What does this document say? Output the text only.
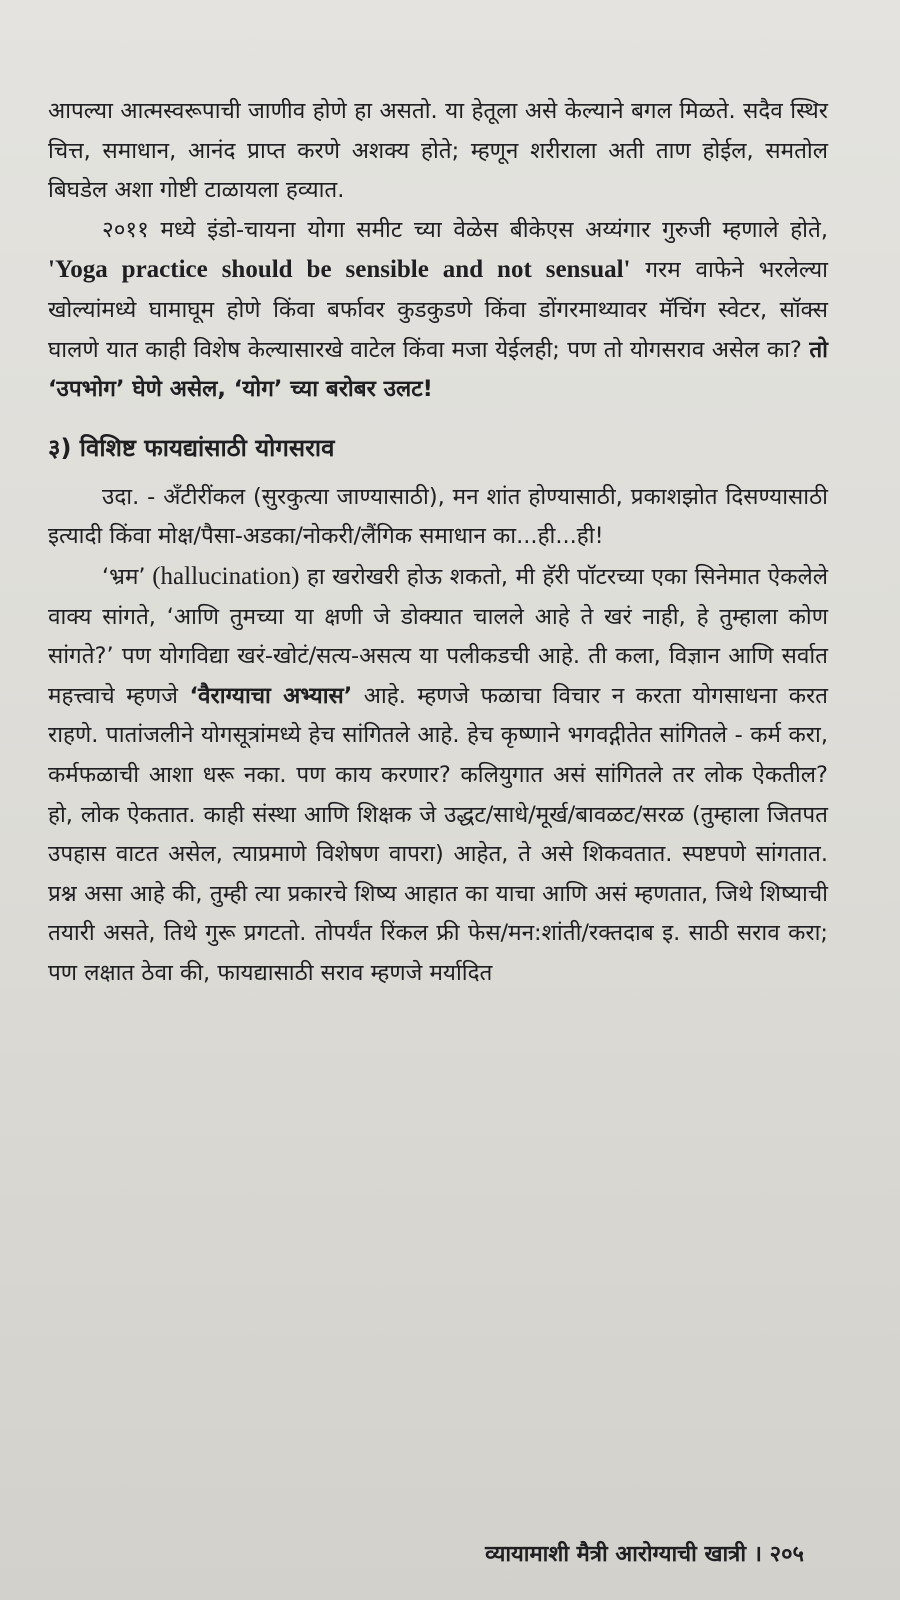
आपल्या आत्मस्वरूपाची जाणीव होणे हा असतो. या हेतूला असे केल्याने बगल मिळते. सदैव स्थिर चित्त, समाधान, आनंद प्राप्त करणे अशक्य होते; म्हणून शरीराला अती ताण होईल, समतोल बिघडेल अशा गोष्टी टाळायला हव्यात.

२०११ मध्ये इंडो-चायना योगा समीट च्या वेळेस बीकेएस अय्यंगार गुरुजी म्हणाले होते, 'Yoga practice should be sensible and not sensual' गरम वाफेने भरलेल्या खोल्यांमध्ये घामाघूम होणे किंवा बर्फावर कुडकुडणे किंवा डोंगरमाथ्यावर मॅचिंग स्वेटर, सॉक्स घालणे यात काही विशेष केल्यासारखे वाटेल किंवा मजा येईलही; पण तो योगसराव असेल का? तो ‘उपभोग’ घेणे असेल, ‘योग’ च्या बरोबर उलट!

३) विशिष्ट फायद्यांसाठी योगसराव

उदा. - अँटीरींकल (सुरकुत्या जाण्यासाठी), मन शांत होण्यासाठी, प्रकाशझोत दिसण्यासाठी इत्यादी किंवा मोक्ष/पैसा-अडका/नोकरी/लैंगिक समाधान का...ही...ही!

‘भ्रम’ (hallucination) हा खरोखरी होऊ शकतो, मी हॅरी पॉटरच्या एका सिनेमात ऐकलेले वाक्य सांगते, ‘आणि तुमच्या या क्षणी जे डोक्यात चालले आहे ते खरं नाही, हे तुम्हाला कोण सांगते?’ पण योगविद्या खरं-खोटं/सत्य-असत्य या पलीकडची आहे. ती कला, विज्ञान आणि सर्वात महत्त्वाचे म्हणजे ‘वैराग्याचा अभ्यास’ आहे. म्हणजे फळाचा विचार न करता योगसाधना करत राहणे. पातांजलीने योगसूत्रांमध्ये हेच सांगितले आहे. हेच कृष्णाने भगवद्गीतेत सांगितले - कर्म करा, कर्मफळाची आशा धरू नका. पण काय करणार? कलियुगात असं सांगितले तर लोक ऐकतील? हो, लोक ऐकतात. काही संस्था आणि शिक्षक जे उद्धट/साधे/मूर्ख/बावळट/सरळ (तुम्हाला जितपत उपहास वाटत असेल, त्याप्रमाणे विशेषण वापरा) आहेत, ते असे शिकवतात. स्पष्टपणे सांगतात. प्रश्न असा आहे की, तुम्ही त्या प्रकारचे शिष्य आहात का याचा आणि असं म्हणतात, जिथे शिष्याची तयारी असते, तिथे गुरू प्रगटतो. तोपर्यंत रिंकल फ्री फेस/मन:शांती/रक्तदाब इ. साठी सराव करा; पण लक्षात ठेवा की, फायद्यासाठी सराव म्हणजे मर्यादित

व्यायामाशी मैत्री आरोग्याची खात्री । २०५
